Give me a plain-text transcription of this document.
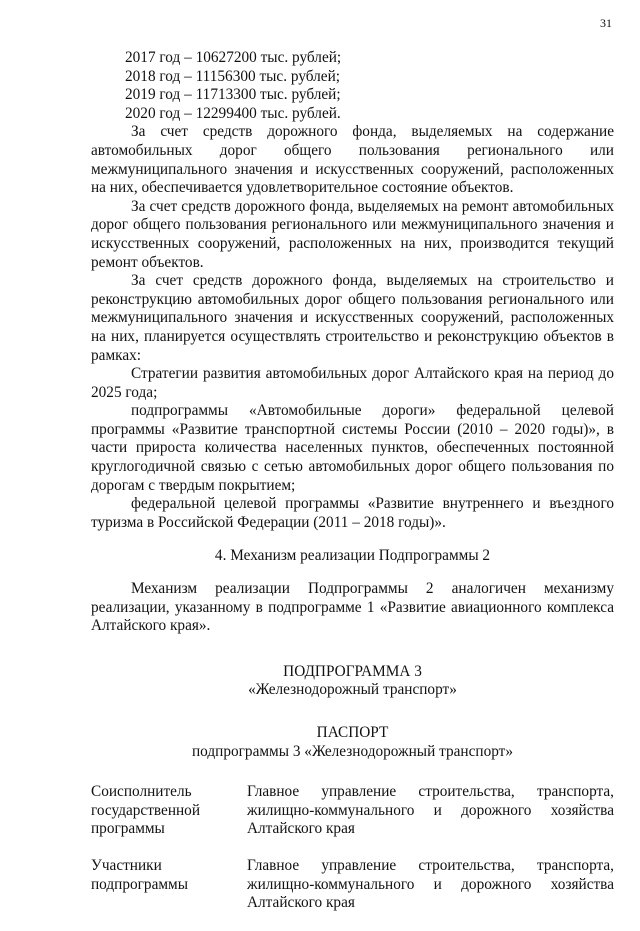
31
2017 год – 10627200 тыс. рублей;
2018 год – 11156300 тыс. рублей;
2019 год – 11713300 тыс. рублей;
2020 год – 12299400 тыс. рублей.

За счет средств дорожного фонда, выделяемых на содержание автомобильных дорог общего пользования регионального или межмуниципального значения и искусственных сооружений, расположенных на них, обеспечивается удовлетворительное состояние объектов.

За счет средств дорожного фонда, выделяемых на ремонт автомобильных дорог общего пользования регионального или межмуниципального значения и искусственных сооружений, расположенных на них, производится текущий ремонт объектов.

За счет средств дорожного фонда, выделяемых на строительство и реконструкцию автомобильных дорог общего пользования регионального или межмуниципального значения и искусственных сооружений, расположенных на них, планируется осуществлять строительство и реконструкцию объектов в рамках:

Стратегии развития автомобильных дорог Алтайского края на период до 2025 года;

подпрограммы «Автомобильные дороги» федеральной целевой программы «Развитие транспортной системы России (2010 – 2020 годы)», в части прироста количества населенных пунктов, обеспеченных постоянной круглогодичной связью с сетью автомобильных дорог общего пользования по дорогам с твердым покрытием;

федеральной целевой программы «Развитие внутреннего и въездного туризма в Российской Федерации (2011 – 2018 годы)».

4. Механизм реализации Подпрограммы 2

Механизм реализации Подпрограммы 2 аналогичен механизму реализации, указанному в подпрограмме 1 «Развитие авиационного комплекса Алтайского края».

ПОДПРОГРАММА 3
«Железнодорожный транспорт»
ПАСПОРТ
подпрограммы 3 «Железнодорожный транспорт»
Соисполнитель государственной программы
Главное управление строительства, транспорта, жилищно-коммунального и дорожного хозяйства Алтайского края
Участники подпрограммы
Главное управление строительства, транспорта, жилищно-коммунального и дорожного хозяйства Алтайского края
